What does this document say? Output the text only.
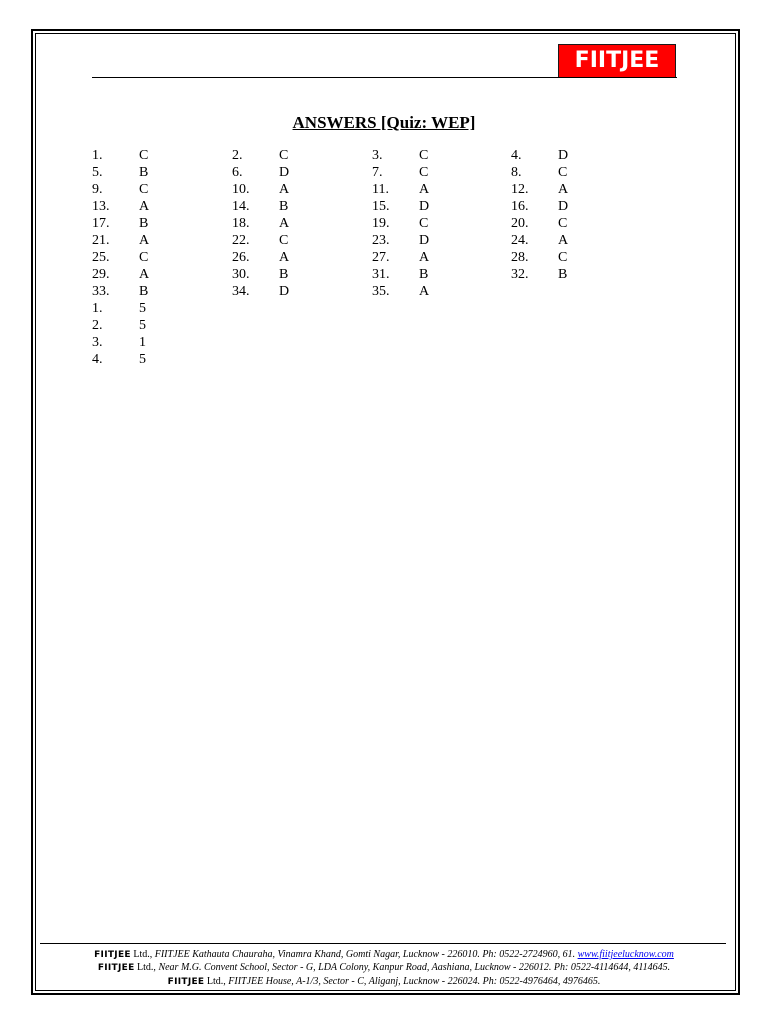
FIITJEE
ANSWERS [Quiz: WEP]
1.	C	2.	C	3.	C	4.	D
5.	B	6.	D	7.	C	8.	C
9.	C	10. A	11. A	12. A
13. A	14. B	15. D	16. D
17. B	18. A	19. C	20. C
21. A	22. C	23. D	24. A
25. C	26. A	27. A	28. C
29. A	30. B	31. B	32. B
33. B	34. D	35. A
1.	5
2.	5
3.	1
4.	5
FIITJEE Ltd., FIITJEE Kathauta Chauraha, Vinamra Khand, Gomti Nagar, Lucknow - 226010. Ph: 0522-2724960, 61. www.fiitjeelucknow.com
FIITJEE Ltd., Near M.G. Convent School, Sector - G, LDA Colony, Kanpur Road, Aashiana, Lucknow - 226012. Ph: 0522-4114644, 4114645.
FIITJEE Ltd., FIITJEE House, A-1/3, Sector - C, Aliganj, Lucknow - 226024. Ph: 0522-4976464, 4976465.
